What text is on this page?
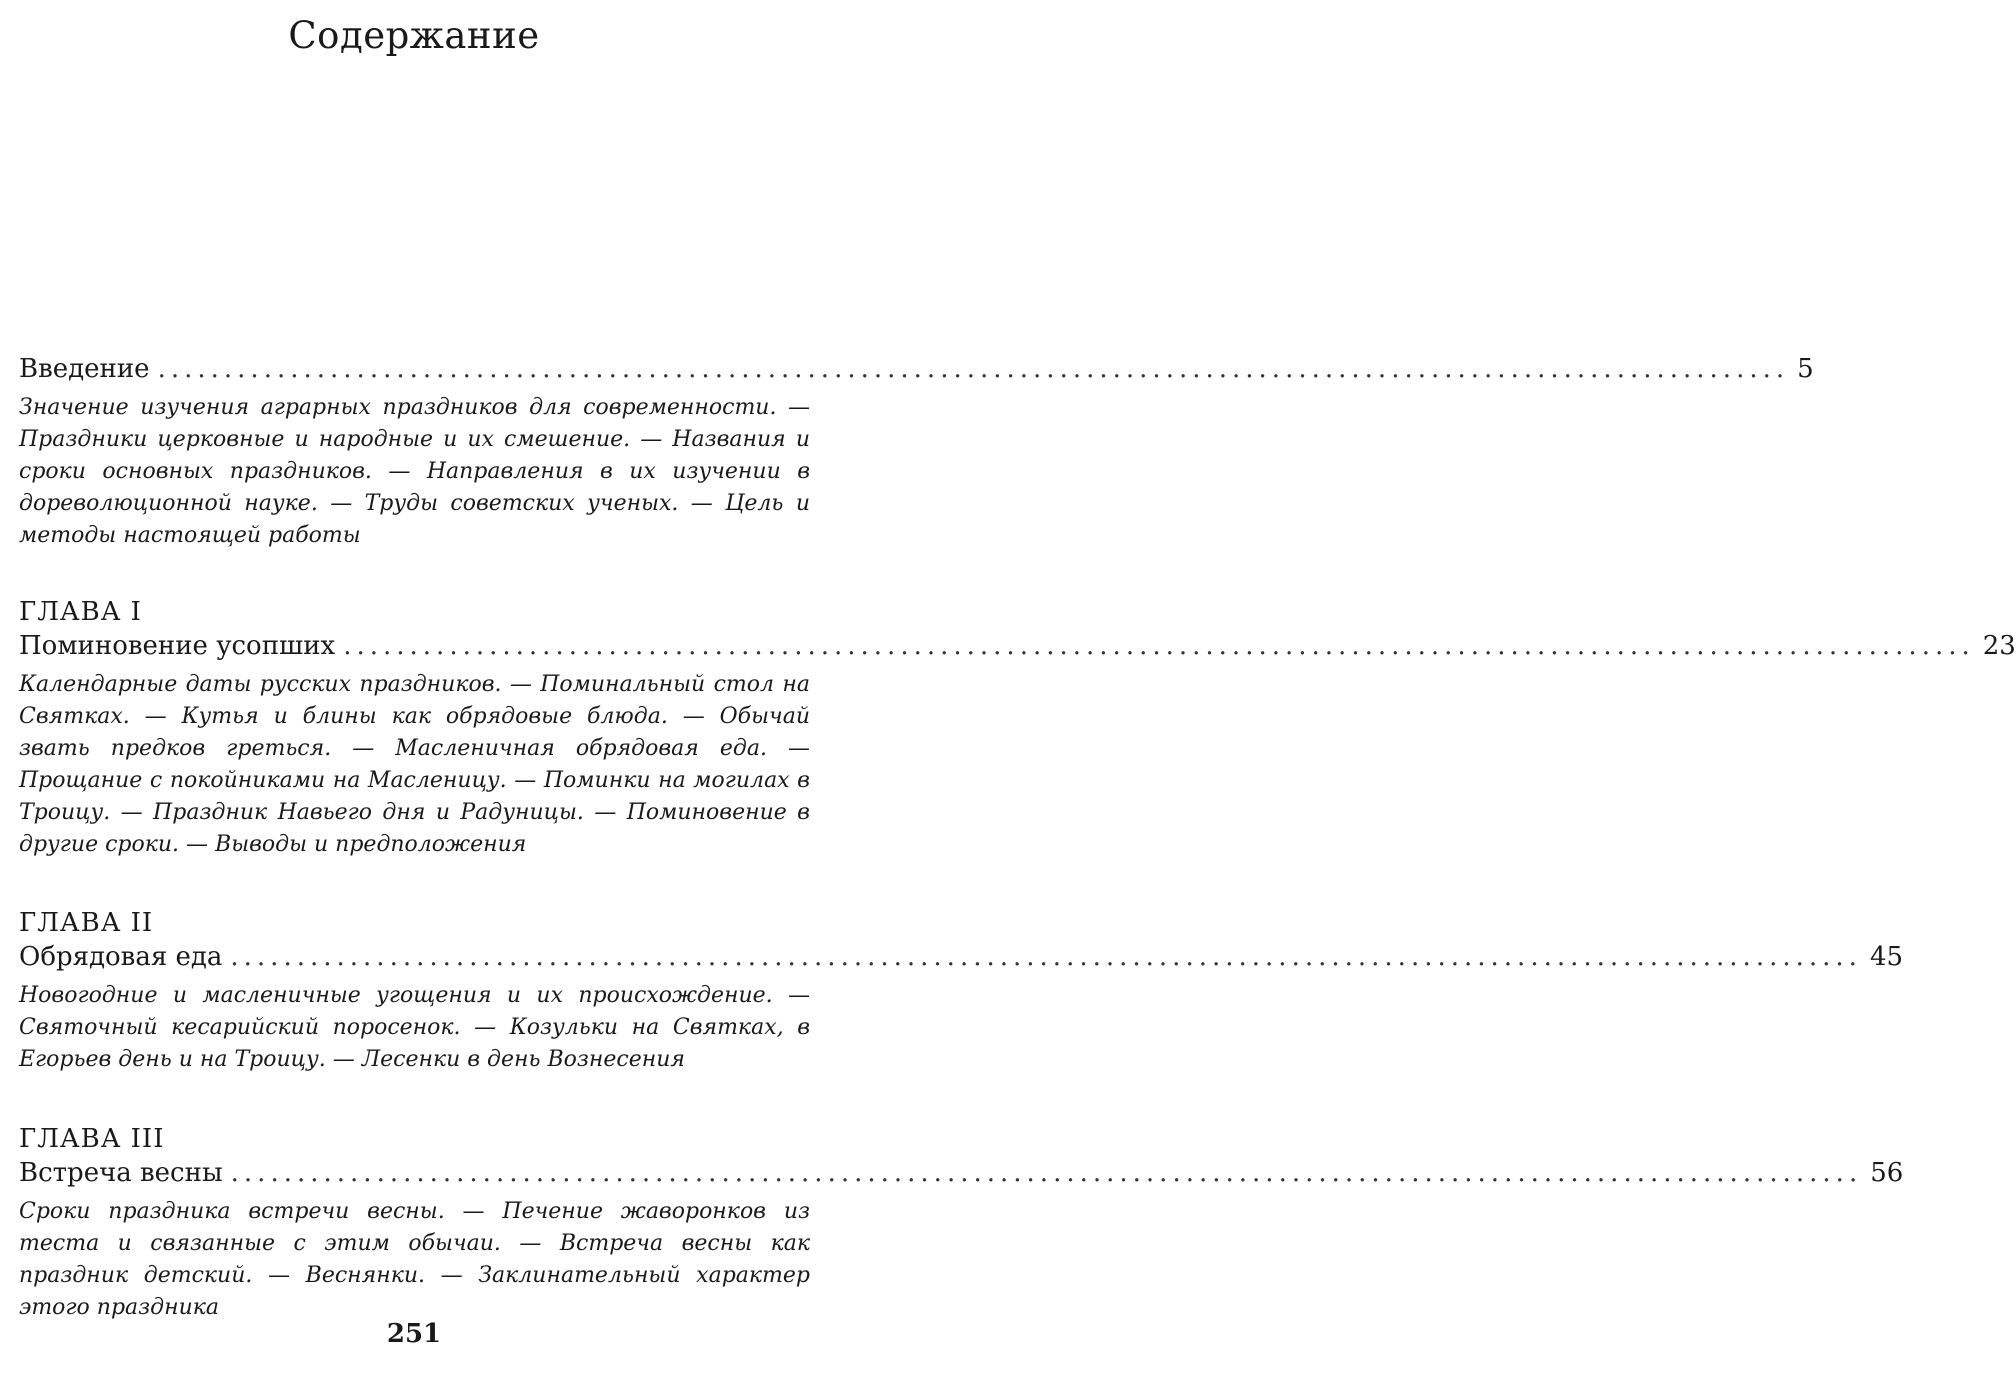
Содержание
Введение ........................................................................................................................... 5
Значение изучения аграрных праздников для современности. — Праздники церковные и народные и их смешение. — Названия и сроки основных праздников. — Направления в их изучении в дореволюционной науке. — Труды советских ученых. — Цель и методы настоящей работы
ГЛАВА I
Поминовение усопших ........................................................................................................................... 23
Календарные даты русских праздников. — Поминальный стол на Святках. — Кутья и блины как обрядовые блюда. — Обычай звать предков греться. — Масленичная обрядовая еда. — Прощание с покойниками на Масленицу. — Поминки на могилах в Троицу. — Праздник Навьего дня и Радуницы. — Поминовение в другие сроки. — Выводы и предположения
ГЛАВА II
Обрядовая еда ........................................................................................................................... 45
Новогодние и масленичные угощения и их происхождение. — Святочный кесарийский поросенок. — Козульки на Святках, в Егорьев день и на Троицу. — Лесенки в день Вознесения
ГЛАВА III
Встреча весны ........................................................................................................................... 56
Сроки праздника встречи весны. — Печение жаворонков из теста и связанные с этим обычаи. — Встреча весны как праздник детский. — Веснянки. — Заклинательный характер этого праздника
251
